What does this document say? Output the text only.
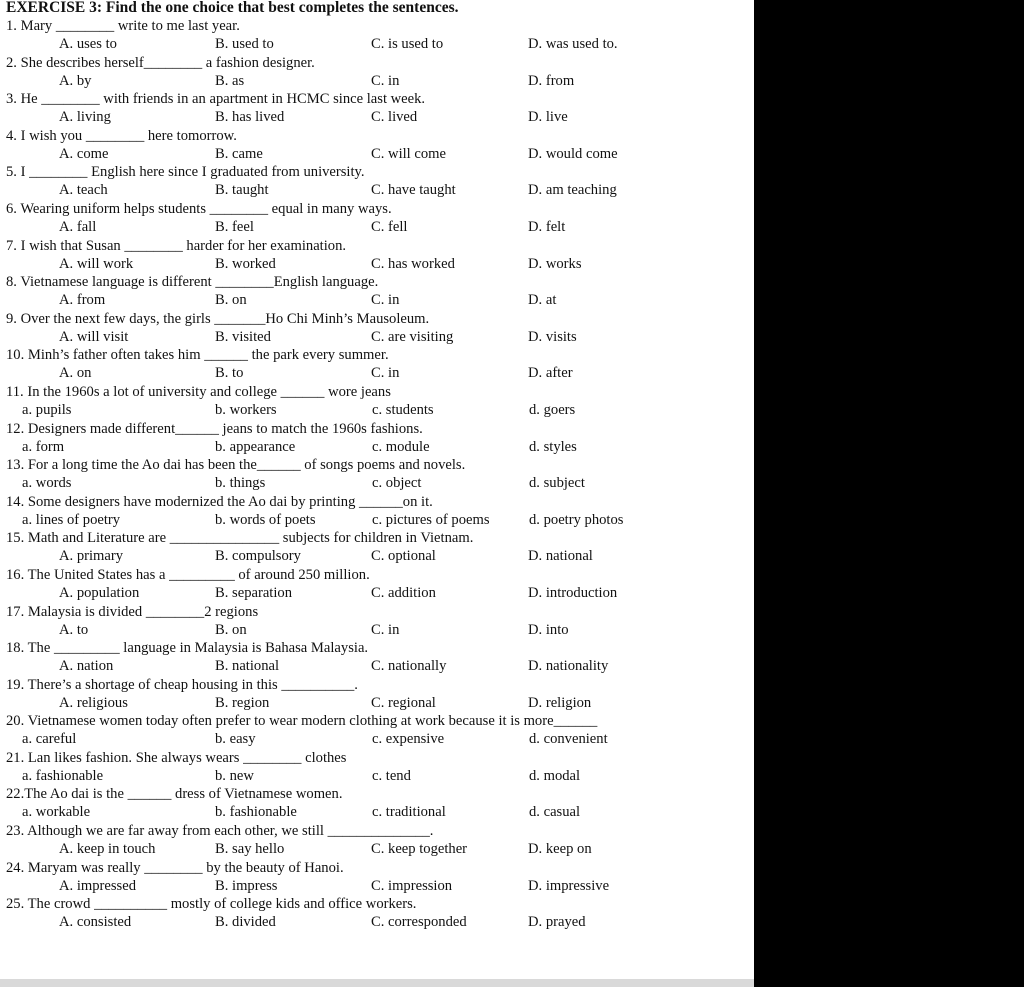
EXERCISE 3: Find the one choice that best completes the sentences.
1. Mary ________ write to me last year.
A. uses to	B. used to	C. is used to	D. was used to.
2. She describes herself________ a fashion designer.
A. by	B. as	C. in	D. from
3. He ________ with friends in an apartment in HCMC since last week.
A. living	B. has lived	C. lived	D. live
4. I wish you ________ here tomorrow.
A. come	B. came	C. will come	D. would come
5. I ________ English here since I graduated from university.
A. teach	B. taught	C. have taught	D. am teaching
6. Wearing uniform helps students ________ equal in many ways.
A. fall	B. feel	C. fell	D. felt
7. I wish that Susan ________ harder for her examination.
A. will work	B. worked	C. has worked	D. works
8. Vietnamese language is different ________English language.
A. from	B. on	C. in	D. at
9. Over the next few days, the girls _______Ho Chi Minh’s Mausoleum.
A. will visit	B. visited	C. are visiting	D. visits
10. Minh’s father often takes him ______ the park every summer.
A. on	B. to	C. in	D. after
11. In the 1960s a lot of university and college ______ wore jeans
a. pupils	b. workers	c. students	d. goers
12. Designers made different______ jeans to match the 1960s fashions.
a. form	b. appearance	c. module	d. styles
13. For a long time the Ao dai has been the______ of songs poems and novels.
a. words	b. things	c. object	d. subject
14. Some designers have modernized the Ao dai by printing ______on it.
a. lines of poetry	b. words of poets	c. pictures of poems	d. poetry photos
15. Math and Literature are _______________ subjects for children in Vietnam.
A. primary	B. compulsory	C. optional	D. national
16. The United States has a _________ of around 250 million.
A. population	B. separation	C. addition	D. introduction
17. Malaysia is divided ________2 regions
A. to	B. on	C. in	D. into
18. The _________ language in Malaysia is Bahasa Malaysia.
A. nation	B. national	C. nationally	D. nationality
19. There’s a shortage of cheap housing in this __________.
A. religious	B. region	C. regional	D. religion
20. Vietnamese women today often prefer to wear modern clothing at work because it is more______
a. careful	b. easy	c. expensive	d. convenient
21. Lan likes fashion. She always wears ________ clothes
a. fashionable	b. new	c. tend	d. modal
22.The Ao dai is the ______ dress of Vietnamese women.
a. workable	b. fashionable	c. traditional	d. casual
23. Although we are far away from each other, we still ______________.
A. keep in touch	B. say hello	C. keep together	D. keep on
24. Maryam was really ________ by the beauty of Hanoi.
A. impressed	B. impress	C. impression	D. impressive
25. The crowd __________ mostly of college kids and office workers.
A. consisted	B. divided	C. corresponded	D. prayed
